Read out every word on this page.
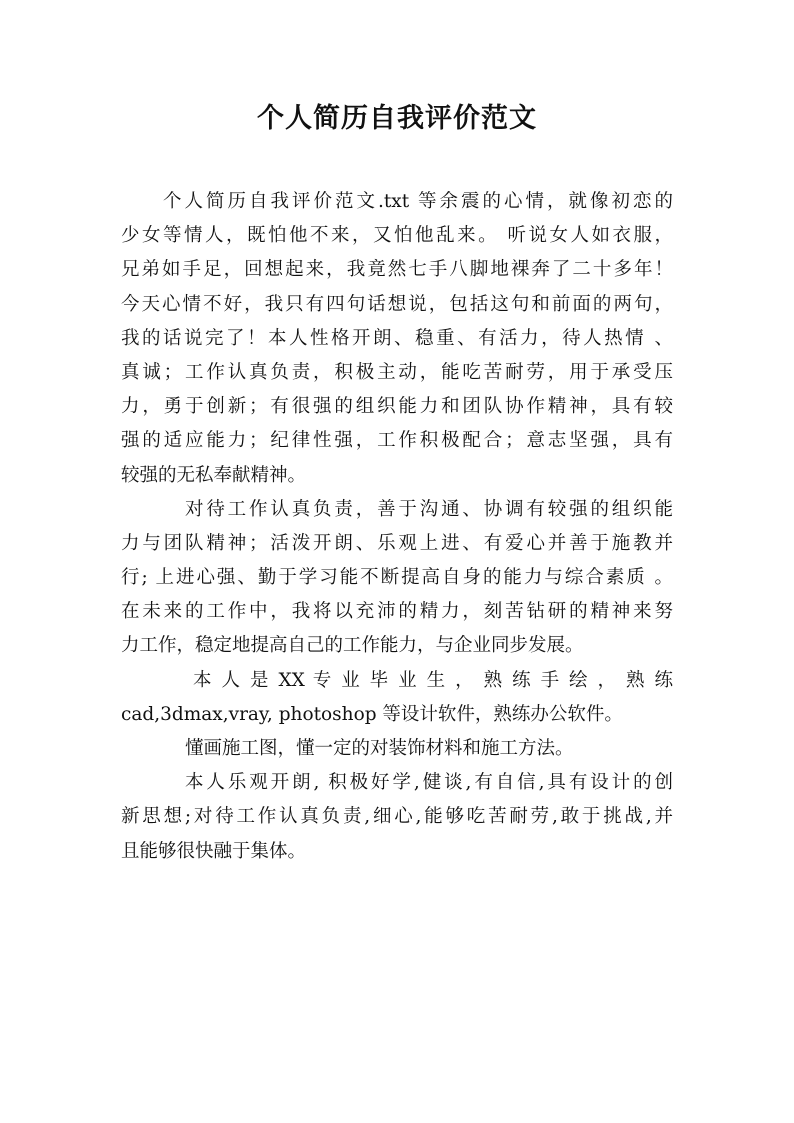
个人简历自我评价范文
个人简历自我评价范文.txt 等余震的心情，就像初恋的
少女等情人，既怕他不来，又怕他乱来。 听说女人如衣服，
兄弟如手足，回想起来，我竟然七手八脚地裸奔了二十多年！
今天心情不好，我只有四句话想说，包括这句和前面的两句，
我的话说完了！本人性格开朗、稳重、有活力，待人热情 、
真诚；工作认真负责，积极主动，能吃苦耐劳，用于承受压
力，勇于创新；有很强的组织能力和团队协作精神，具有较
强的适应能力；纪律性强，工作积极配合；意志坚强，具有
较强的无私奉献精神。
对待工作认真负责，善于沟通、协调有较强的组织能
力与团队精神；活泼开朗、乐观上进、有爱心并善于施教并
行; 上进心强、勤于学习能不断提高自身的能力与综合素质 。
在未来的工作中，我将以充沛的精力，刻苦钻研的精神来努
力工作，稳定地提高自己的工作能力，与企业同步发展。
本 人 是 XX 专 业 毕 业 生 ， 熟 练 手 绘 ， 熟 练
cad,3dmax,vray, photoshop 等设计软件，熟练办公软件。
懂画施工图，懂一定的对装饰材料和施工方法。
本人乐观开朗, 积极好学,健谈,有自信,具有设计的创
新思想;对待工作认真负责,细心,能够吃苦耐劳,敢于挑战,并
且能够很快融于集体。
